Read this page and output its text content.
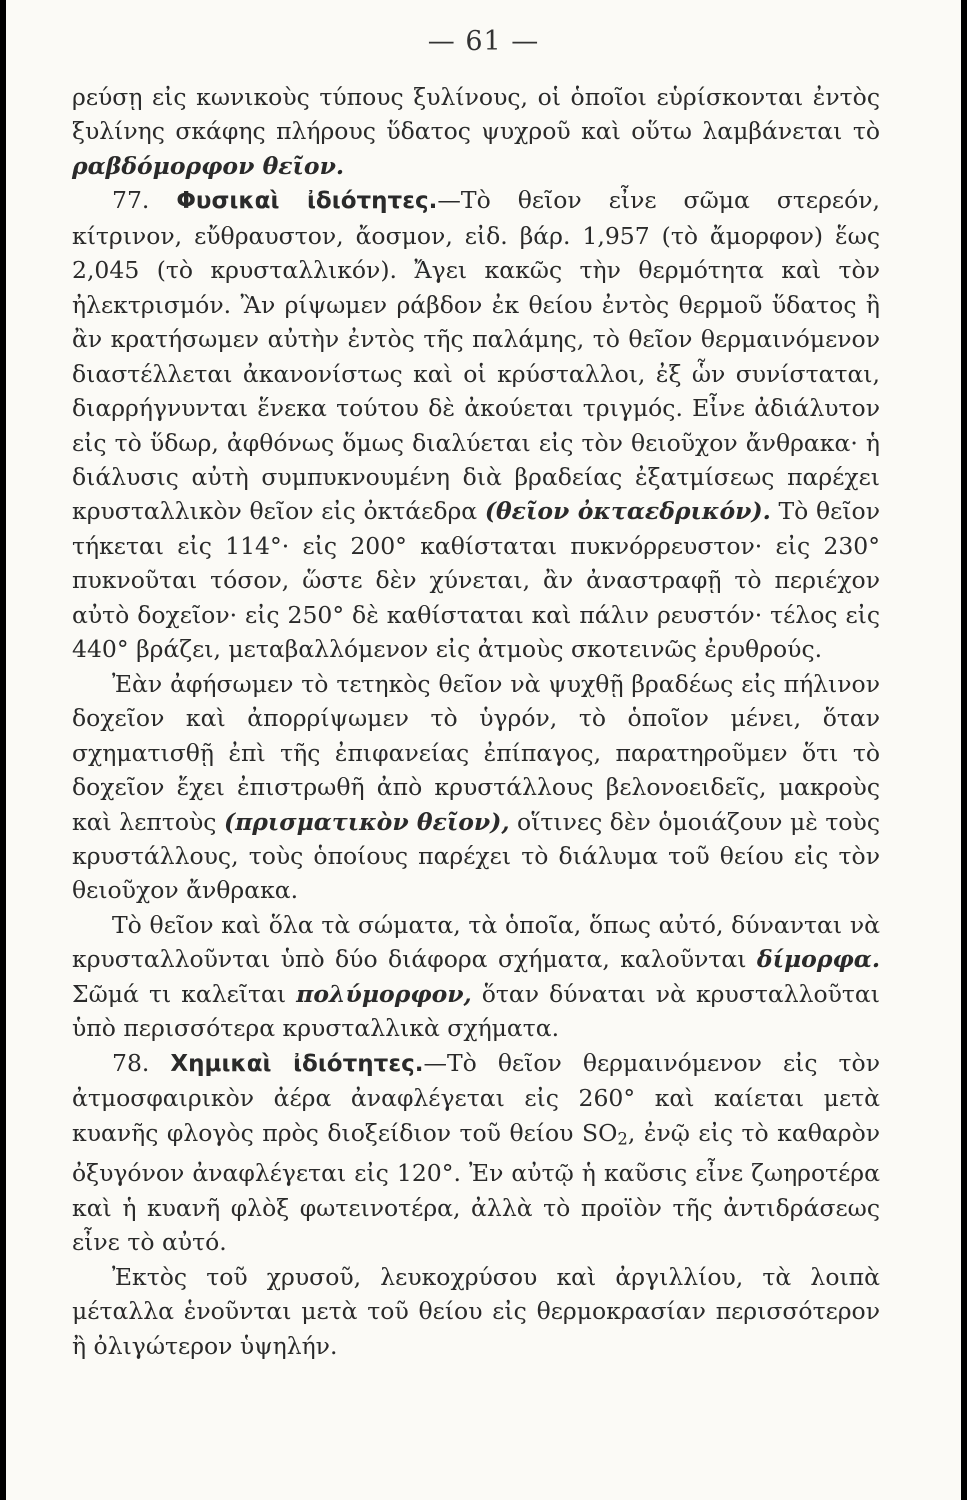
— 61 —

ρεύσῃ εἰς κωνικοὺς τύπους ξυλίνους, οἱ ὁποῖοι εὑρίσκονται ἐντὸς ξυλίνης σκάφης πλήρους ὕδατος ψυχροῦ καὶ οὕτω λαμβάνεται τὸ ραβδόμορφον θεῖον.

77. Φυσικαὶ ἰδιότητες.—Τὸ θεῖον εἶνε σῶμα στερεόν, κίτρινον, εὔθραυστον, ἄοσμον, εἰδ. βάρ. 1,957 (τὸ ἄμορφον) ἕως 2,045 (τὸ κρυσταλλικόν). Ἄγει κακῶς τὴν θερμότητα καὶ τὸν ἠλεκτρισμόν. Ἂν ρίψωμεν ράβδον ἐκ θείου ἐντὸς θερμοῦ ὕδατος ἢ ἂν κρατήσωμεν αὐτὴν ἐντὸς τῆς παλάμης, τὸ θεῖον θερμαινόμενον διαστέλλεται ἀκανονίστως καὶ οἱ κρύσταλλοι, ἐξ ὧν συνίσταται, διαρρήγνυνται ἕνεκα τούτου δὲ ἀκούεται τριγμός. Εἶνε ἀδιάλυτον εἰς τὸ ὕδωρ, ἀφθόνως ὅμως διαλύεται εἰς τὸν θειοῦχον ἄνθρακα· ἡ διάλυσις αὐτὴ συμπυκνουμένη διὰ βραδείας ἐξατμίσεως παρέχει κρυσταλλικὸν θεῖον εἰς ὀκτάεδρα (θεῖον ὀκταεδρικόν). Τὸ θεῖον τήκεται εἰς 114°· εἰς 200° καθίσταται πυκνόρρευστον· εἰς 230° πυκνοῦται τόσον, ὥστε δὲν χύνεται, ἂν ἀναστραφῇ τὸ περιέχον αὐτὸ δοχεῖον· εἰς 250° δὲ καθίσταται καὶ πάλιν ρευστόν· τέλος εἰς 440° βράζει, μεταβαλλόμενον εἰς ἀτμοὺς σκοτεινῶς ἐρυθρούς.

Ἐὰν ἀφήσωμεν τὸ τετηκὸς θεῖον νὰ ψυχθῇ βραδέως εἰς πήλινον δοχεῖον καὶ ἀπορρίψωμεν τὸ ὑγρόν, τὸ ὁποῖον μένει, ὅταν σχηματισθῇ ἐπὶ τῆς ἐπιφανείας ἐπίπαγος, παρατηροῦμεν ὅτι τὸ δοχεῖον ἔχει ἐπιστρωθῆ ἀπὸ κρυστάλλους βελονοειδεῖς, μακροὺς καὶ λεπτοὺς (πρισματικὸν θεῖον), οἵτινες δὲν ὁμοιάζουν μὲ τοὺς κρυστάλλους, τοὺς ὁποίους παρέχει τὸ διάλυμα τοῦ θείου εἰς τὸν θειοῦχον ἄνθρακα.

Τὸ θεῖον καὶ ὅλα τὰ σώματα, τὰ ὁποῖα, ὅπως αὐτό, δύνανται νὰ κρυσταλλοῦνται ὑπὸ δύο διάφορα σχήματα, καλοῦνται δίμορφα. Σῶμά τι καλεῖται πολύμορφον, ὅταν δύναται νὰ κρυσταλλοῦται ὑπὸ περισσότερα κρυσταλλικὰ σχήματα.

78. Χημικαὶ ἰδιότητες.—Τὸ θεῖον θερμαινόμενον εἰς τὸν ἀτμοσφαιρικὸν ἀέρα ἀναφλέγεται εἰς 260° καὶ καίεται μετὰ κυανῆς φλογὸς πρὸς διοξείδιον τοῦ θείου $SO_2$, ἐνῷ εἰς τὸ καθαρὸν ὀξυγόνον ἀναφλέγεται εἰς 120°. Ἐν αὐτῷ ἡ καῦσις εἶνε ζωηροτέρα καὶ ἡ κυανῆ φλὸξ φωτεινοτέρα, ἀλλὰ τὸ προϊὸν τῆς ἀντιδράσεως εἶνε τὸ αὐτό.

Ἐκτὸς τοῦ χρυσοῦ, λευκοχρύσου καὶ ἀργιλλίου, τὰ λοιπὰ μέταλλα ἑνοῦνται μετὰ τοῦ θείου εἰς θερμοκρασίαν περισσότερον ἢ ὀλιγώτερον ὑψηλήν.
